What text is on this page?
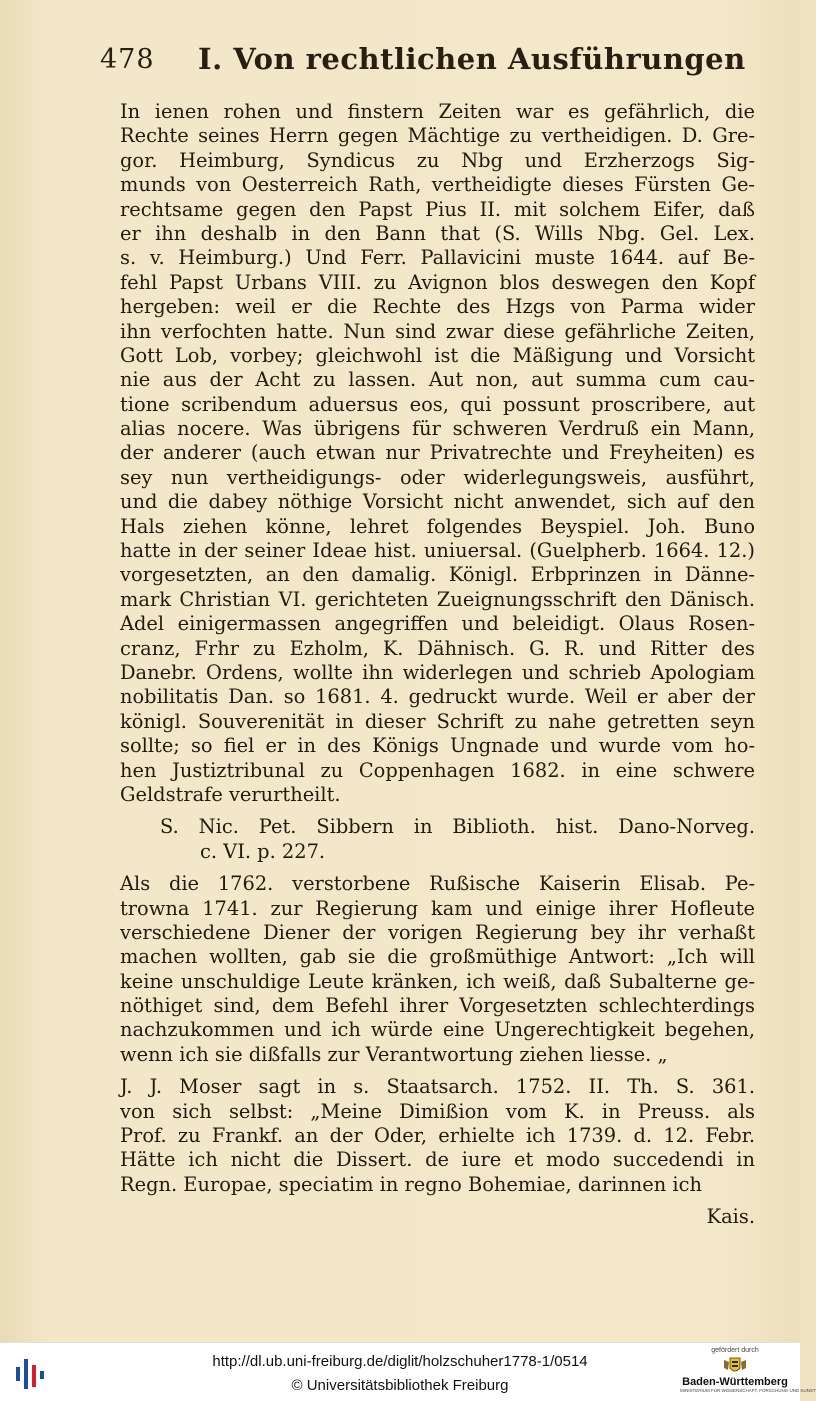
478 I. Von rechtlichen Ausführungen
In ienen rohen und finstern Zeiten war es gefährlich, die
Rechte seines Herrn gegen Mächtige zu vertheidigen. D. Gre-
gor. Heimburg, Syndicus zu Nbg und Erzherzogs Sig-
munds von Oesterreich Rath, vertheidigte dieses Fürsten Ge-
rechtsame gegen den Papst Pius II. mit solchem Eifer, daß
er ihn deshalb in den Bann that (S. Wills Nbg. Gel. Lex.
s. v. Heimburg.) Und Ferr. Pallavicini muste 1644. auf Be-
fehl Papst Urbans VIII. zu Avignon blos deswegen den Kopf
hergeben: weil er die Rechte des Hzgs von Parma wider
ihn verfochten hatte. Nun sind zwar diese gefährliche Zeiten,
Gott Lob, vorbey; gleichwohl ist die Mäßigung und Vorsicht
nie aus der Acht zu lassen. Aut non, aut summa cum cau-
tione scribendum aduersus eos, qui possunt proscribere, aut
alias nocere. Was übrigens für schweren Verdruß ein Mann,
der anderer (auch etwan nur Privatrechte und Freyheiten) es
sey nun vertheidigungs- oder widerlegungsweis, ausführt,
und die dabey nöthige Vorsicht nicht anwendet, sich auf den
Hals ziehen könne, lehret folgendes Beyspiel. Joh. Buno
hatte in der seiner Ideae hist. uniuersal. (Guelpherb. 1664. 12.)
vorgesetzten, an den damalig. Königl. Erbprinzen in Dänne-
mark Christian VI. gerichteten Zueignungsschrift den Dänisch.
Adel einigermassen angegriffen und beleidigt. Olaus Rosen-
cranz, Frhr zu Ezholm, K. Dähnisch. G. R. und Ritter des
Danebr. Ordens, wollte ihn widerlegen und schrieb Apologiam
nobilitatis Dan. so 1681. 4. gedruckt wurde. Weil er aber der
königl. Souverenität in dieser Schrift zu nahe getretten seyn
sollte; so fiel er in des Königs Ungnade und wurde vom ho-
hen Justiztribunal zu Coppenhagen 1682. in eine schwere
Geldstrafe verurtheilt.
S. Nic. Pet. Sibbern in Biblioth. hist. Dano-Norveg.
c. VI. p. 227.
Als die 1762. verstorbene Rußische Kaiserin Elisab. Pe-
trowna 1741. zur Regierung kam und einige ihrer Hofleute
verschiedene Diener der vorigen Regierung bey ihr verhaßt
machen wollten, gab sie die großmüthige Antwort: „Ich will
keine unschuldige Leute kränken, ich weiß, daß Subalterne ge-
nöthiget sind, dem Befehl ihrer Vorgesetzten schlechterdings
nachzukommen und ich würde eine Ungerechtigkeit begehen,
wenn ich sie dißfalls zur Verantwortung ziehen liesse. „
J. J. Moser sagt in s. Staatsarch. 1752. II. Th. S. 361.
von sich selbst: „Meine Dimißion vom K. in Preuss. als
Prof. zu Frankf. an der Oder, erhielte ich 1739. d. 12. Febr.
Hätte ich nicht die Dissert. de iure et modo succedendi in
Regn. Europae, speciatim in regno Bohemiae, darinnen ich
Kais.
http://dl.ub.uni-freiburg.de/diglit/holzschuher1778-1/0514
© Universitätsbibliothek Freiburg
gefördert durch
Baden-Württemberg
MINISTERIUM FÜR WISSENSCHAFT, FORSCHUNG UND KUNST
